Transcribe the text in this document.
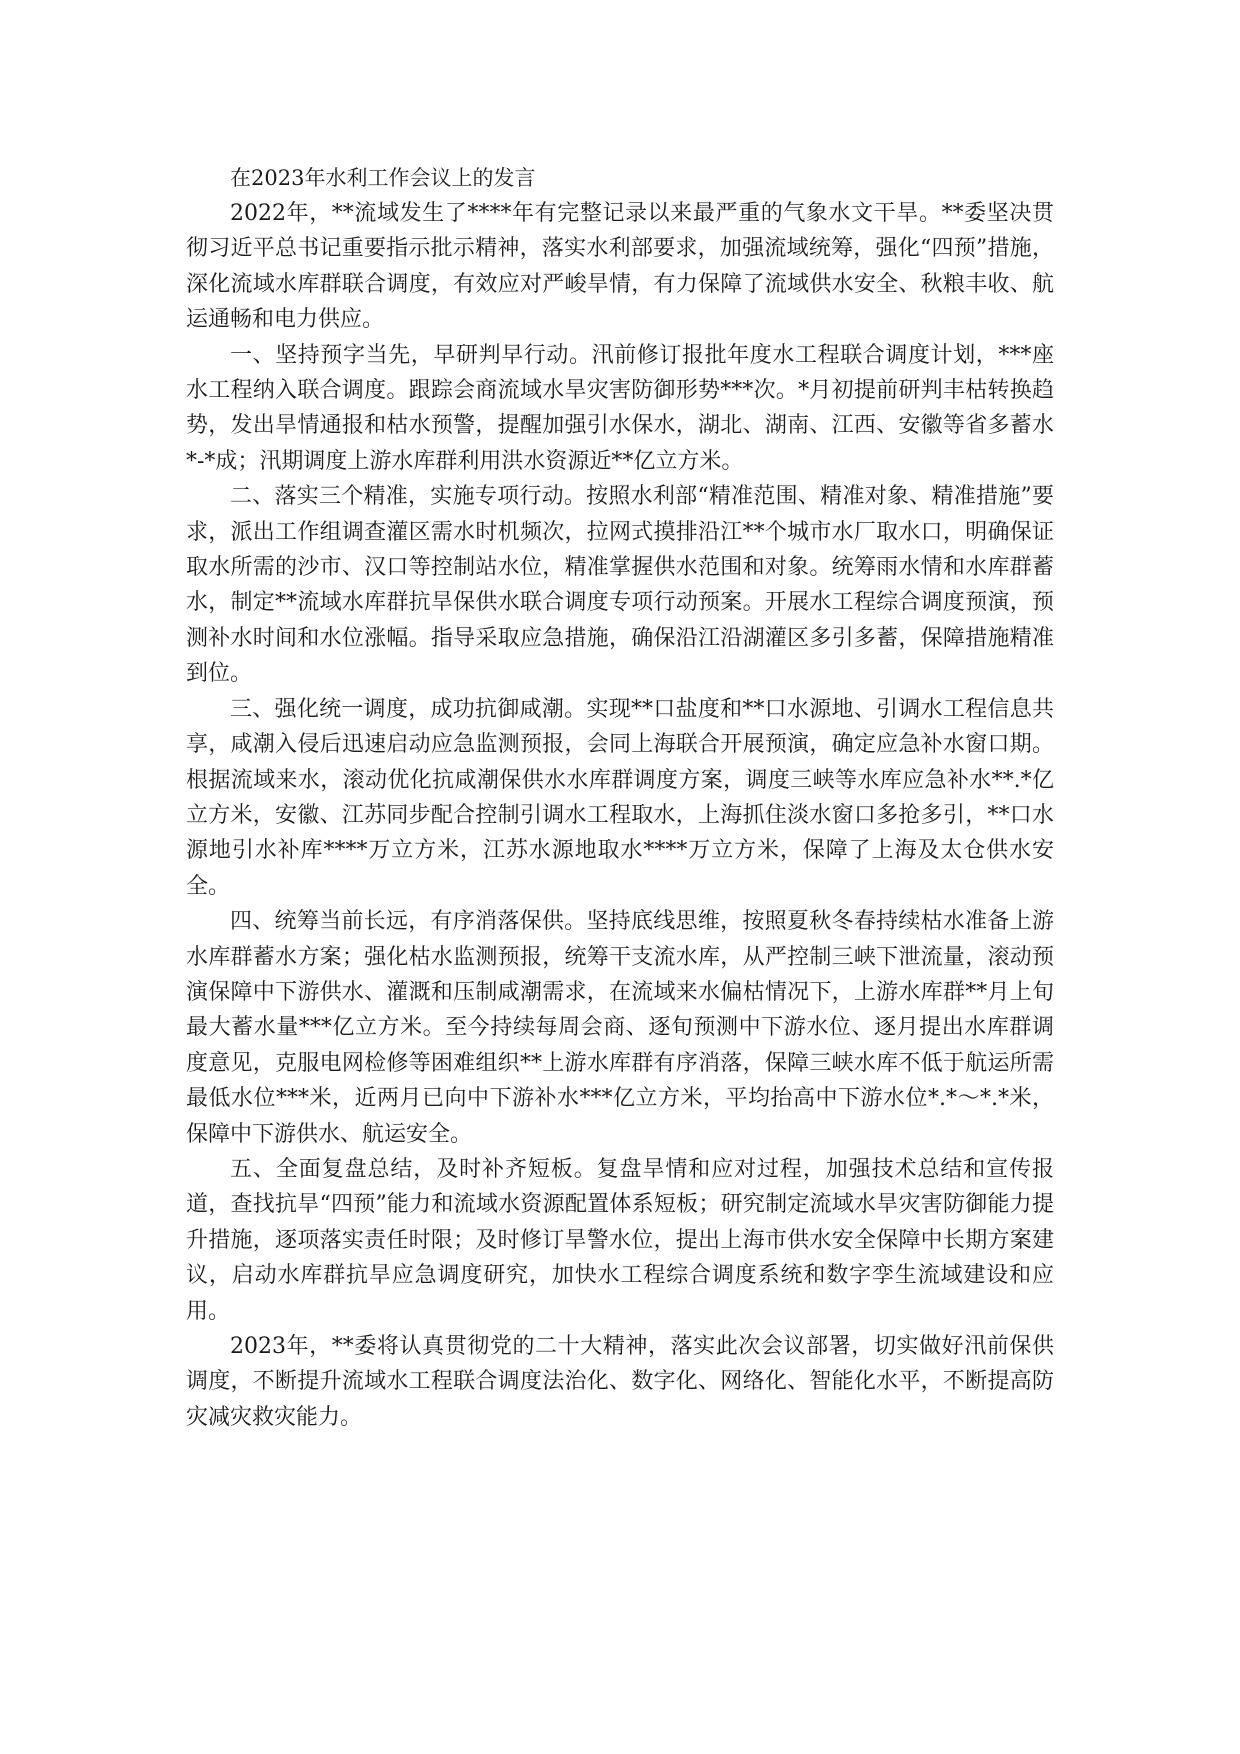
在2023年水利工作会议上的发言

2022年，**流域发生了****年有完整记录以来最严重的气象水文干旱。**委坚决贯彻习近平总书记重要指示批示精神，落实水利部要求，加强流域统筹，强化“四预”措施，深化流域水库群联合调度，有效应对严峻旱情，有力保障了流域供水安全、秋粮丰收、航运通畅和电力供应。

一、坚持预字当先，早研判早行动。汛前修订报批年度水工程联合调度计划，***座水工程纳入联合调度。跟踪会商流域水旱灾害防御形势***次。*月初提前研判丰枯转换趋势，发出旱情通报和枯水预警，提醒加强引水保水，湖北、湖南、江西、安徽等省多蓄水*-*成；汛期调度上游水库群利用洪水资源近**亿立方米。

二、落实三个精准，实施专项行动。按照水利部“精准范围、精准对象、精准措施”要求，派出工作组调查灌区需水时机频次，拉网式摸排沿江**个城市水厂取水口，明确保证取水所需的沙市、汉口等控制站水位，精准掌握供水范围和对象。统筹雨水情和水库群蓄水，制定**流域水库群抗旱保供水联合调度专项行动预案。开展水工程综合调度预演，预测补水时间和水位涨幅。指导采取应急措施，确保沿江沿湖灌区多引多蓄，保障措施精准到位。

三、强化统一调度，成功抗御咸潮。实现**口盐度和**口水源地、引调水工程信息共享，咸潮入侵后迅速启动应急监测预报，会同上海联合开展预演，确定应急补水窗口期。根据流域来水，滚动优化抗咸潮保供水水库群调度方案，调度三峡等水库应急补水**.*亿立方米，安徽、江苏同步配合控制引调水工程取水，上海抓住淡水窗口多抢多引，**口水源地引水补库****万立方米，江苏水源地取水****万立方米，保障了上海及太仓供水安全。

四、统筹当前长远，有序消落保供。坚持底线思维，按照夏秋冬春持续枯水准备上游水库群蓄水方案；强化枯水监测预报，统筹干支流水库，从严控制三峡下泄流量，滚动预演保障中下游供水、灌溉和压制咸潮需求，在流域来水偏枯情况下，上游水库群**月上旬最大蓄水量***亿立方米。至今持续每周会商、逐旬预测中下游水位、逐月提出水库群调度意见，克服电网检修等困难组织**上游水库群有序消落，保障三峡水库不低于航运所需最低水位***米，近两月已向中下游补水***亿立方米，平均抬高中下游水位*.*～*.*米，保障中下游供水、航运安全。

五、全面复盘总结，及时补齐短板。复盘旱情和应对过程，加强技术总结和宣传报道，查找抗旱“四预”能力和流域水资源配置体系短板；研究制定流域水旱灾害防御能力提升措施，逐项落实责任时限；及时修订旱警水位，提出上海市供水安全保障中长期方案建议，启动水库群抗旱应急调度研究，加快水工程综合调度系统和数字孪生流域建设和应用。

2023年，**委将认真贯彻党的二十大精神，落实此次会议部署，切实做好汛前保供调度，不断提升流域水工程联合调度法治化、数字化、网络化、智能化水平，不断提高防灾减灾救灾能力。
